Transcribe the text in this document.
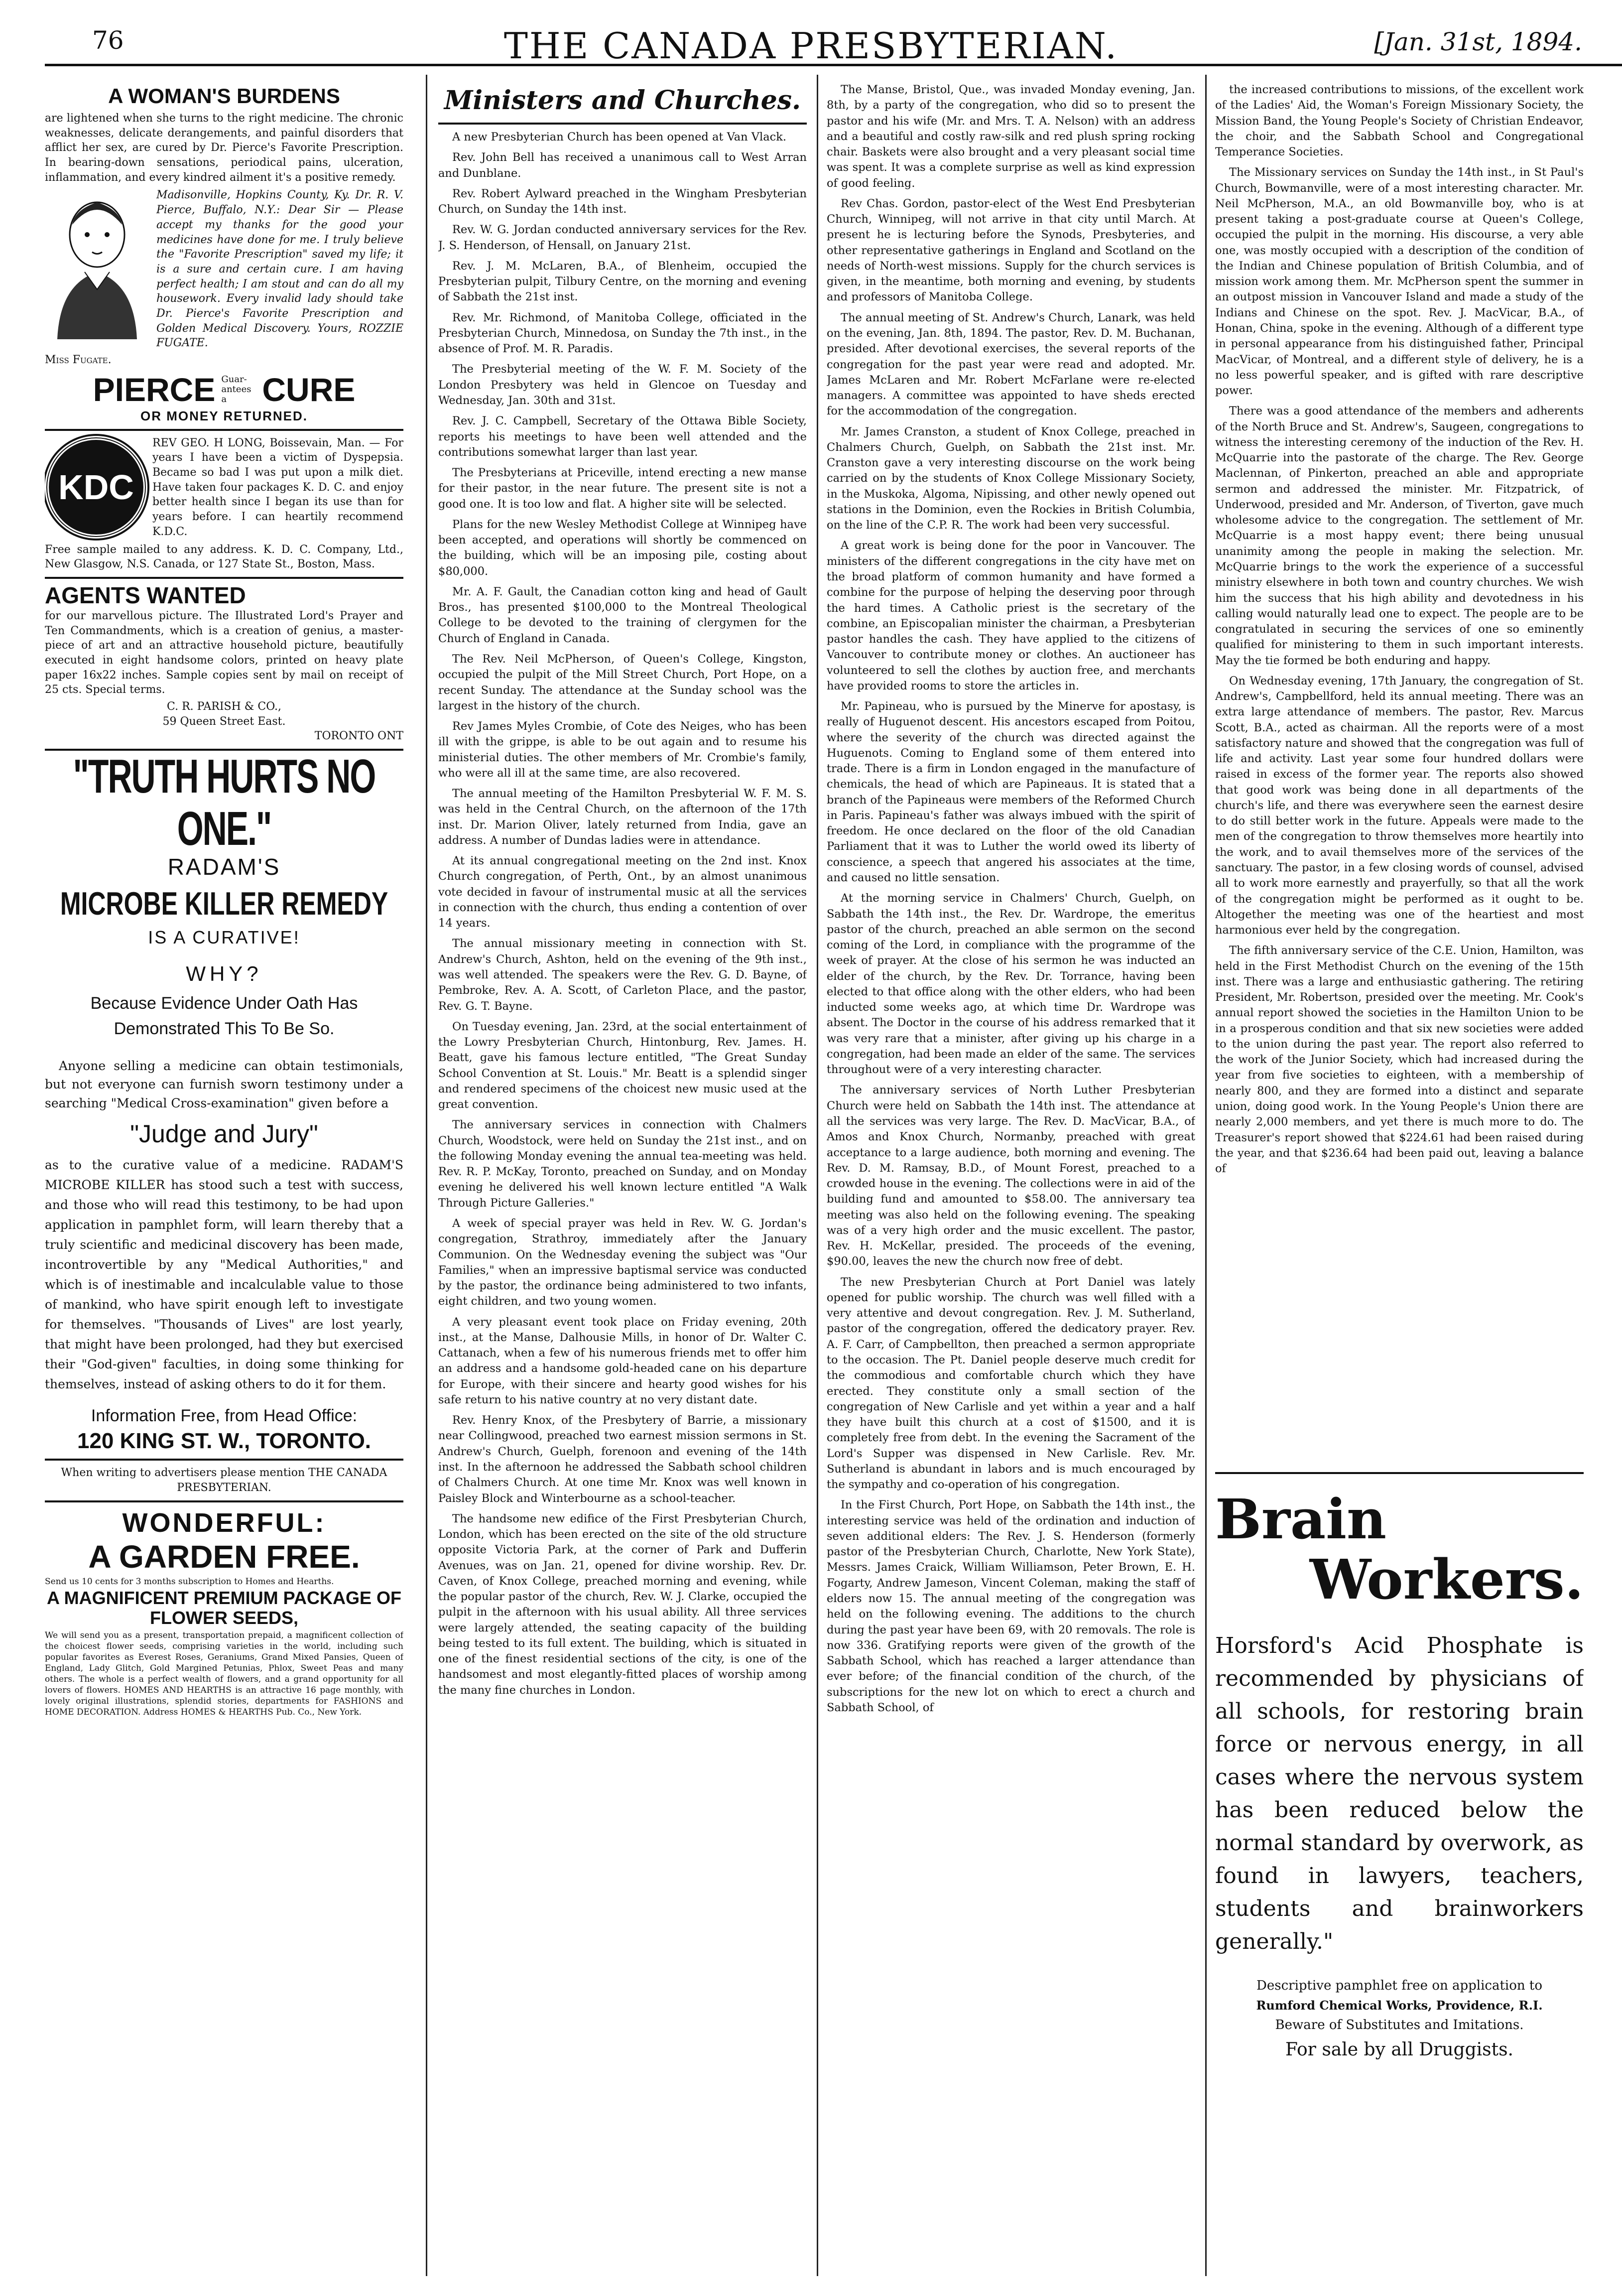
76	THE CANADA PRESBYTERIAN.	[Jan. 31st, 1894.
A WOMAN'S BURDENS

are lightened when she turns to the right medicine. The chronic weaknesses, delicate derangements, and painful disorders that afflict her sex, are cured by Dr. Pierce's Favorite Prescription. In bearing-down sensations, periodical pains, ulceration, inflammation, and every kindred ailment it's a positive remedy.

Madisonville, Hopkins County, Ky. Dr. R. V. Pierce, Buffalo, N.Y.: Dear Sir — Please accept my thanks for the good your medicines have done for me. I truly believe the "Favorite Prescription" saved my life; it is a sure and certain cure. I am having perfect health; I am stout and can do all my housework. Every invalid lady should take Dr. Pierce's Favorite Prescription and Golden Medical Discovery. Yours, ROZZIE FUGATE.

Miss Fugate.
PIERCE Guar-antees a	CURE
OR MONEY RETURNED.
KDC

REV GEO. H LONG, Boissevain, Man. — For years I have been a victim of Dyspepsia. Became so bad I was put upon a milk diet. Have taken four packages K. D. C. and enjoy better health since I began its use than for years before. I can heartily recommend K.D.C.

Free sample mailed to any address. K. D. C. Company, Ltd., New Glasgow, N.S. Canada, or 127 State St., Boston, Mass.

AGENTS WANTED

for our marvellous picture. The Illustrated Lord's Prayer and Ten Commandments, which is a creation of genius, a master-piece of art and an attractive household picture, beautifully executed in eight handsome colors, printed on heavy plate paper 16x22 inches. Sample copies sent by mail on receipt of 25 cts. Special terms.

C. R. PARISH & CO.,
59 Queen Street East.
TORONTO ONT
"TRUTH HURTS NO ONE."
RADAM'S
MICROBE KILLER REMEDY
IS A CURATIVE!
WHY?
Because Evidence Under Oath Has Demonstrated This To Be So.

Anyone selling a medicine can obtain testimonials, but not everyone can furnish sworn testimony under a searching "Medical Cross-examination" given before a

"Judge and Jury"

as to the curative value of a medicine. RADAM'S MICROBE KILLER has stood such a test with success, and those who will read this testimony, to be had upon application in pamphlet form, will learn thereby that a truly scientific and medicinal discovery has been made, incontrovertible by any "Medical Authorities," and which is of inestimable and incalculable value to those of mankind, who have spirit enough left to investigate for themselves. "Thousands of Lives" are lost yearly, that might have been prolonged, had they but exercised their "God-given" faculties, in doing some thinking for themselves, instead of asking others to do it for them.

Information Free, from Head Office:
120 KING ST. W., TORONTO.

When writing to advertisers please mention THE CANADA PRESBYTERIAN.

WONDERFUL:
A GARDEN FREE.

Send us 10 cents for 3 months subscription to Homes and Hearths.

A MAGNIFICENT PREMIUM PACKAGE OF FLOWER SEEDS,

We will send you as a present, transportation prepaid, a magnificent collection of the choicest flower seeds, comprising varieties in the world, including such popular favorites as Everest Roses, Geraniums, Grand Mixed Pansies, Queen of England, Lady Glitch, Gold Margined Petunias, Phlox, Sweet Peas and many others. The whole is a perfect wealth of flowers, and a grand opportunity for all lovers of flowers. HOMES AND HEARTHS is an attractive 16 page monthly, with lovely original illustrations, splendid stories, departments for FASHIONS and HOME DECORATION. Address HOMES & HEARTHS Pub. Co., New York.

Ministers and Churches.

A new Presbyterian Church has been opened at Van Vlack.

Rev. John Bell has received a unanimous call to West Arran and Dunblane.

Rev. Robert Aylward preached in the Wingham Presbyterian Church, on Sunday the 14th inst.

Rev. W. G. Jordan conducted anniversary services for the Rev. J. S. Henderson, of Hensall, on January 21st.

Rev. J. M. McLaren, B.A., of Blenheim, occupied the Presbyterian pulpit, Tilbury Centre, on the morning and evening of Sabbath the 21st inst.

Rev. Mr. Richmond, of Manitoba College, officiated in the Presbyterian Church, Minnedosa, on Sunday the 7th inst., in the absence of Prof. M. R. Paradis.

The Presbyterial meeting of the W. F. M. Society of the London Presbytery was held in Glencoe on Tuesday and Wednesday, Jan. 30th and 31st.

Rev. J. C. Campbell, Secretary of the Ottawa Bible Society, reports his meetings to have been well attended and the contributions somewhat larger than last year.

The Presbyterians at Priceville, intend erecting a new manse for their pastor, in the near future. The present site is not a good one. It is too low and flat. A higher site will be selected.

Plans for the new Wesley Methodist College at Winnipeg have been accepted, and operations will shortly be commenced on the building, which will be an imposing pile, costing about $80,000.

Mr. A. F. Gault, the Canadian cotton king and head of Gault Bros., has presented $100,000 to the Montreal Theological College to be devoted to the training of clergymen for the Church of England in Canada.

The Rev. Neil McPherson, of Queen's College, Kingston, occupied the pulpit of the Mill Street Church, Port Hope, on a recent Sunday. The attendance at the Sunday school was the largest in the history of the church.

Rev James Myles Crombie, of Cote des Neiges, who has been ill with the grippe, is able to be out again and to resume his ministerial duties. The other members of Mr. Crombie's family, who were all ill at the same time, are also recovered.

The annual meeting of the Hamilton Presbyterial W. F. M. S. was held in the Central Church, on the afternoon of the 17th inst. Dr. Marion Oliver, lately returned from India, gave an address. A number of Dundas ladies were in attendance.

At its annual congregational meeting on the 2nd inst. Knox Church congregation, of Perth, Ont., by an almost unanimous vote decided in favour of instrumental music at all the services in connection with the church, thus ending a contention of over 14 years.

The annual missionary meeting in connection with St. Andrew's Church, Ashton, held on the evening of the 9th inst., was well attended. The speakers were the Rev. G. D. Bayne, of Pembroke, Rev. A. A. Scott, of Carleton Place, and the pastor, Rev. G. T. Bayne.

On Tuesday evening, Jan. 23rd, at the social entertainment of the Lowry Presbyterian Church, Hintonburg, Rev. James. H. Beatt, gave his famous lecture entitled, "The Great Sunday School Convention at St. Louis." Mr. Beatt is a splendid singer and rendered specimens of the choicest new music used at the great convention.

The anniversary services in connection with Chalmers Church, Woodstock, were held on Sunday the 21st inst., and on the following Monday evening the annual tea-meeting was held. Rev. R. P. McKay, Toronto, preached on Sunday, and on Monday evening he delivered his well known lecture entitled "A Walk Through Picture Galleries."

A week of special prayer was held in Rev. W. G. Jordan's congregation, Strathroy, immediately after the January Communion. On the Wednesday evening the subject was "Our Families," when an impressive baptismal service was conducted by the pastor, the ordinance being administered to two infants, eight children, and two young women.

A very pleasant event took place on Friday evening, 20th inst., at the Manse, Dalhousie Mills, in honor of Dr. Walter C. Cattanach, when a few of his numerous friends met to offer him an address and a handsome gold-headed cane on his departure for Europe, with their sincere and hearty good wishes for his safe return to his native country at no very distant date.

Rev. Henry Knox, of the Presbytery of Barrie, a missionary near Collingwood, preached two earnest mission sermons in St. Andrew's Church, Guelph, forenoon and evening of the 14th inst. In the afternoon he addressed the Sabbath school children of Chalmers Church. At one time Mr. Knox was well known in Paisley Block and Winterbourne as a school-teacher.

The handsome new edifice of the First Presbyterian Church, London, which has been erected on the site of the old structure opposite Victoria Park, at the corner of Park and Dufferin Avenues, was on Jan. 21, opened for divine worship. Rev. Dr. Caven, of Knox College, preached morning and evening, while the popular pastor of the church, Rev. W. J. Clarke, occupied the pulpit in the afternoon with his usual ability. All three services were largely attended, the seating capacity of the building being tested to its full extent. The building, which is situated in one of the finest residential sections of the city, is one of the handsomest and most elegantly-fitted places of worship among the many fine churches in London.

The Manse, Bristol, Que., was invaded Monday evening, Jan. 8th, by a party of the congregation, who did so to present the pastor and his wife (Mr. and Mrs. T. A. Nelson) with an address and a beautiful and costly raw-silk and red plush spring rocking chair. Baskets were also brought and a very pleasant social time was spent. It was a complete surprise as well as kind expression of good feeling.

Rev Chas. Gordon, pastor-elect of the West End Presbyterian Church, Winnipeg, will not arrive in that city until March. At present he is lecturing before the Synods, Presbyteries, and other representative gatherings in England and Scotland on the needs of North-west missions. Supply for the church services is given, in the meantime, both morning and evening, by students and professors of Manitoba College.

The annual meeting of St. Andrew's Church, Lanark, was held on the evening, Jan. 8th, 1894. The pastor, Rev. D. M. Buchanan, presided. After devotional exercises, the several reports of the congregation for the past year were read and adopted. Mr. James McLaren and Mr. Robert McFarlane were re-elected managers. A committee was appointed to have sheds erected for the accommodation of the congregation.

Mr. James Cranston, a student of Knox College, preached in Chalmers Church, Guelph, on Sabbath the 21st inst. Mr. Cranston gave a very interesting discourse on the work being carried on by the students of Knox College Missionary Society, in the Muskoka, Algoma, Nipissing, and other newly opened out stations in the Dominion, even the Rockies in British Columbia, on the line of the C.P. R. The work had been very successful.

A great work is being done for the poor in Vancouver. The ministers of the different congregations in the city have met on the broad platform of common humanity and have formed a combine for the purpose of helping the deserving poor through the hard times. A Catholic priest is the secretary of the combine, an Episcopalian minister the chairman, a Presbyterian pastor handles the cash. They have applied to the citizens of Vancouver to contribute money or clothes. An auctioneer has volunteered to sell the clothes by auction free, and merchants have provided rooms to store the articles in.

Mr. Papineau, who is pursued by the Minerve for apostasy, is really of Huguenot descent. His ancestors escaped from Poitou, where the severity of the church was directed against the Huguenots. Coming to England some of them entered into trade. There is a firm in London engaged in the manufacture of chemicals, the head of which are Papineaus. It is stated that a branch of the Papineaus were members of the Reformed Church in Paris. Papineau's father was always imbued with the spirit of freedom. He once declared on the floor of the old Canadian Parliament that it was to Luther the world owed its liberty of conscience, a speech that angered his associates at the time, and caused no little sensation.

At the morning service in Chalmers' Church, Guelph, on Sabbath the 14th inst., the Rev. Dr. Wardrope, the emeritus pastor of the church, preached an able sermon on the second coming of the Lord, in compliance with the programme of the week of prayer. At the close of his sermon he was inducted an elder of the church, by the Rev. Dr. Torrance, having been elected to that office along with the other elders, who had been inducted some weeks ago, at which time Dr. Wardrope was absent. The Doctor in the course of his address remarked that it was very rare that a minister, after giving up his charge in a congregation, had been made an elder of the same. The services throughout were of a very interesting character.

The anniversary services of North Luther Presbyterian Church were held on Sabbath the 14th inst. The attendance at all the services was very large. The Rev. D. MacVicar, B.A., of Amos and Knox Church, Normanby, preached with great acceptance to a large audience, both morning and evening. The Rev. D. M. Ramsay, B.D., of Mount Forest, preached to a crowded house in the evening. The collections were in aid of the building fund and amounted to $58.00. The anniversary tea meeting was also held on the following evening. The speaking was of a very high order and the music excellent. The pastor, Rev. H. McKellar, presided. The proceeds of the evening, $90.00, leaves the new the church now free of debt.

The new Presbyterian Church at Port Daniel was lately opened for public worship. The church was well filled with a very attentive and devout congregation. Rev. J. M. Sutherland, pastor of the congregation, offered the dedicatory prayer. Rev. A. F. Carr, of Campbellton, then preached a sermon appropriate to the occasion. The Pt. Daniel people deserve much credit for the commodious and comfortable church which they have erected. They constitute only a small section of the congregation of New Carlisle and yet within a year and a half they have built this church at a cost of $1500, and it is completely free from debt. In the evening the Sacrament of the Lord's Supper was dispensed in New Carlisle. Rev. Mr. Sutherland is abundant in labors and is much encouraged by the sympathy and co-operation of his congregation.

In the First Church, Port Hope, on Sabbath the 14th inst., the interesting service was held of the ordination and induction of seven additional elders: The Rev. J. S. Henderson (formerly pastor of the Presbyterian Church, Charlotte, New York State), Messrs. James Craick, William Williamson, Peter Brown, E. H. Fogarty, Andrew Jameson, Vincent Coleman, making the staff of elders now 15. The annual meeting of the congregation was held on the following evening. The additions to the church during the past year have been 69, with 20 removals. The role is now 336. Gratifying reports were given of the growth of the Sabbath School, which has reached a larger attendance than ever before; of the financial condition of the church, of the subscriptions for the new lot on which to erect a church and Sabbath School, of

the increased contributions to missions, of the excellent work of the Ladies' Aid, the Woman's Foreign Missionary Society, the Mission Band, the Young People's Society of Christian Endeavor, the choir, and the Sabbath School and Congregational Temperance Societies.

The Missionary services on Sunday the 14th inst., in St Paul's Church, Bowmanville, were of a most interesting character. Mr. Neil McPherson, M.A., an old Bowmanville boy, who is at present taking a post-graduate course at Queen's College, occupied the pulpit in the morning. His discourse, a very able one, was mostly occupied with a description of the condition of the Indian and Chinese population of British Columbia, and of mission work among them. Mr. McPherson spent the summer in an outpost mission in Vancouver Island and made a study of the Indians and Chinese on the spot. Rev. J. MacVicar, B.A., of Honan, China, spoke in the evening. Although of a different type in personal appearance from his distinguished father, Principal MacVicar, of Montreal, and a different style of delivery, he is a no less powerful speaker, and is gifted with rare descriptive power.

There was a good attendance of the members and adherents of the North Bruce and St. Andrew's, Saugeen, congregations to witness the interesting ceremony of the induction of the Rev. H. McQuarrie into the pastorate of the charge. The Rev. George Maclennan, of Pinkerton, preached an able and appropriate sermon and addressed the minister. Mr. Fitzpatrick, of Underwood, presided and Mr. Anderson, of Tiverton, gave much wholesome advice to the congregation. The settlement of Mr. McQuarrie is a most happy event; there being unusual unanimity among the people in making the selection. Mr. McQuarrie brings to the work the experience of a successful ministry elsewhere in both town and country churches. We wish him the success that his high ability and devotedness in his calling would naturally lead one to expect. The people are to be congratulated in securing the services of one so eminently qualified for ministering to them in such important interests. May the tie formed be both enduring and happy.

On Wednesday evening, 17th January, the congregation of St. Andrew's, Campbellford, held its annual meeting. There was an extra large attendance of members. The pastor, Rev. Marcus Scott, B.A., acted as chairman. All the reports were of a most satisfactory nature and showed that the congregation was full of life and activity. Last year some four hundred dollars were raised in excess of the former year. The reports also showed that good work was being done in all departments of the church's life, and there was everywhere seen the earnest desire to do still better work in the future. Appeals were made to the men of the congregation to throw themselves more heartily into the work, and to avail themselves more of the services of the sanctuary. The pastor, in a few closing words of counsel, advised all to work more earnestly and prayerfully, so that all the work of the congregation might be performed as it ought to be. Altogether the meeting was one of the heartiest and most harmonious ever held by the congregation.

The fifth anniversary service of the C.E. Union, Hamilton, was held in the First Methodist Church on the evening of the 15th inst. There was a large and enthusiastic gathering. The retiring President, Mr. Robertson, presided over the meeting. Mr. Cook's annual report showed the societies in the Hamilton Union to be in a prosperous condition and that six new societies were added to the union during the past year. The report also referred to the work of the Junior Society, which had increased during the year from five societies to eighteen, with a membership of nearly 800, and they are formed into a distinct and separate union, doing good work. In the Young People's Union there are nearly 2,000 members, and yet there is much more to do. The Treasurer's report showed that $224.61 had been raised during the year, and that $236.64 had been paid out, leaving a balance of

Brain
Workers.

Horsford's Acid Phosphate is recommended by physicians of all schools, for restoring brain force or nervous energy, in all cases where the nervous system has been reduced below the normal standard by overwork, as found in lawyers, teachers, students and brainworkers generally."

Descriptive pamphlet free on application to
Rumford Chemical Works, Providence, R.I.
Beware of Substitutes and Imitations.
For sale by all Druggists.
